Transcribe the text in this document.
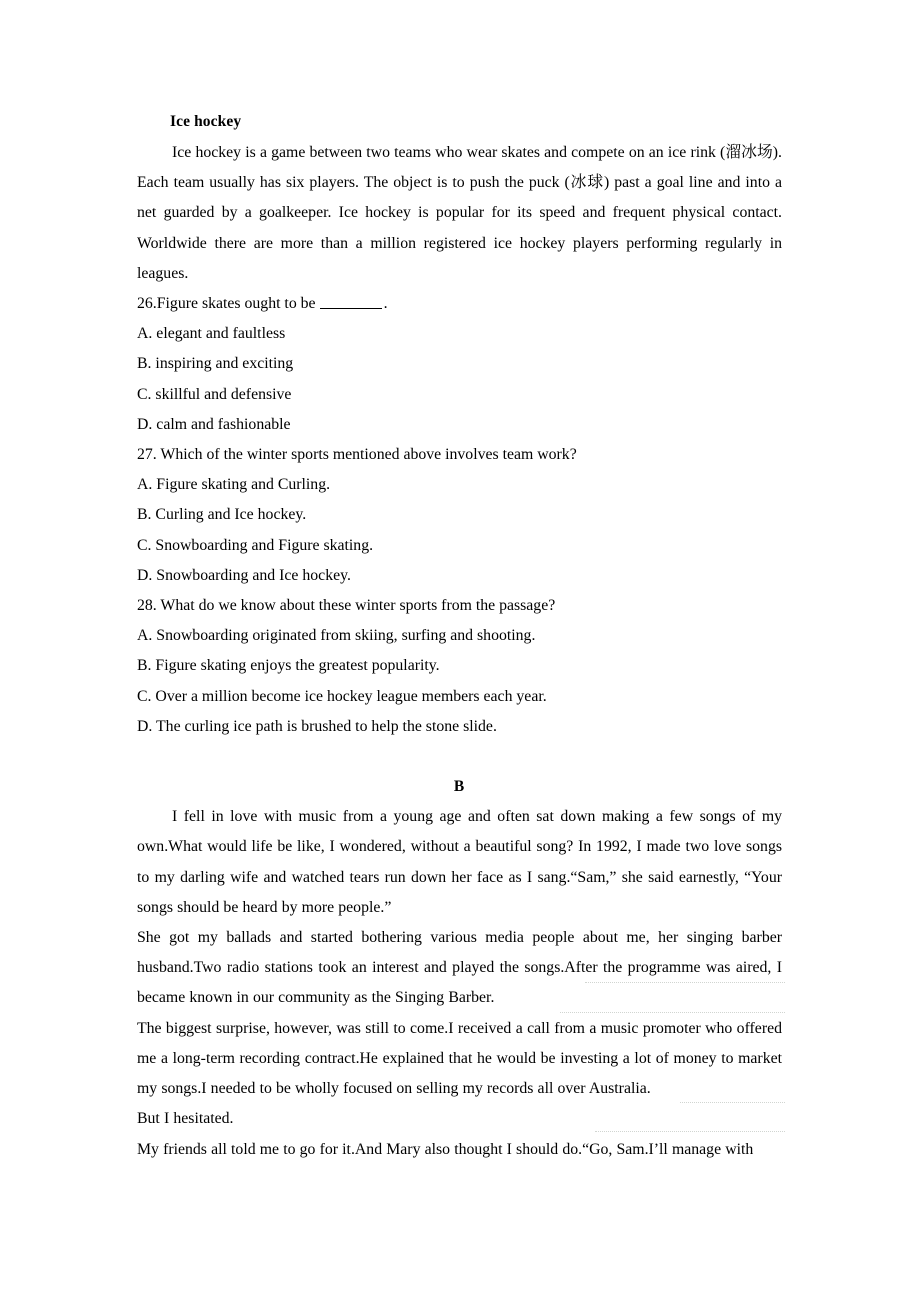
Ice hockey

Ice hockey is a game between two teams who wear skates and compete on an ice rink (溜冰场). Each team usually has six players. The object is to push the puck (冰球) past a goal line and into a net guarded by a goalkeeper. Ice hockey is popular for its speed and frequent physical contact. Worldwide there are more than a million registered ice hockey players performing regularly in leagues.

26.Figure skates ought to be	.

A. elegant and faultless

B. inspiring and exciting

C. skillful and defensive

D. calm and fashionable

27. Which of the winter sports mentioned above involves team work?

A. Figure skating and Curling.

B. Curling and Ice hockey.

C. Snowboarding and Figure skating.

D. Snowboarding and Ice hockey.

28. What do we know about these winter sports from the passage?

A. Snowboarding originated from skiing, surfing and shooting.

B. Figure skating enjoys the greatest popularity.

C. Over a million become ice hockey league members each year.

D. The curling ice path is brushed to help the stone slide.

B

I fell in love with music from a young age and often sat down making a few songs of my own.What would life be like, I wondered, without a beautiful song? In 1992, I made two love songs to my darling wife and watched tears run down her face as I sang.“Sam,” she said earnestly, “Your songs should be heard by more people.”

She got my ballads and started bothering various media people about me, her singing barber husband.Two radio stations took an interest and played the songs.After the programme was aired, I became known in our community as the Singing Barber.

The biggest surprise, however, was still to come.I received a call from a music promoter who offered me a long-term recording contract.He explained that he would be investing a lot of money to market my songs.I needed to be wholly focused on selling my records all over Australia.

But I hesitated.

My friends all told me to go for it.And Mary also thought I should do.“Go, Sam.I’ll manage with
